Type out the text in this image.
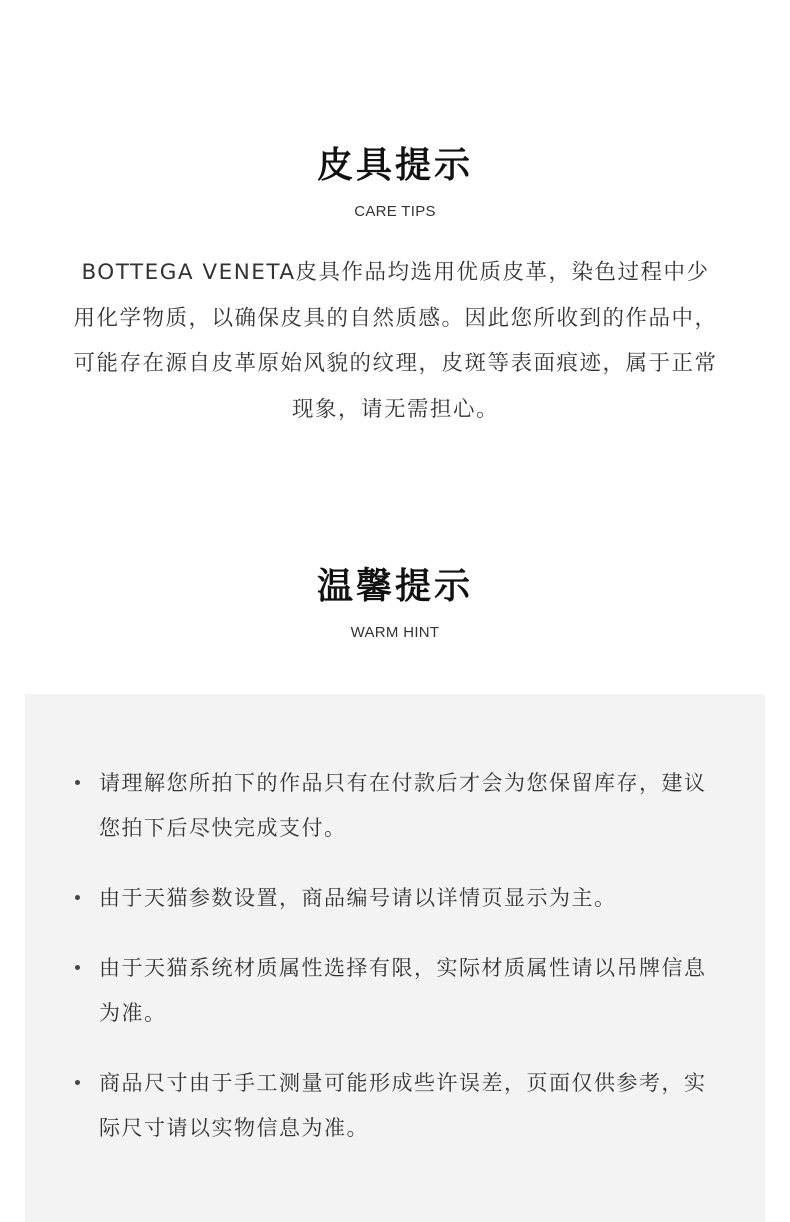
皮具提示
CARE TIPS
BOTTEGA VENETA皮具作品均选用优质皮革，染色过程中少用化学物质，以确保皮具的自然质感。因此您所收到的作品中，可能存在源自皮革原始风貌的纹理，皮斑等表面痕迹，属于正常现象，请无需担心。
温馨提示
WARM HINT
请理解您所拍下的作品只有在付款后才会为您保留库存，建议您拍下后尽快完成支付。
由于天猫参数设置，商品编号请以详情页显示为主。
由于天猫系统材质属性选择有限，实际材质属性请以吊牌信息为准。
商品尺寸由于手工测量可能形成些许误差，页面仅供参考，实际尺寸请以实物信息为准。
